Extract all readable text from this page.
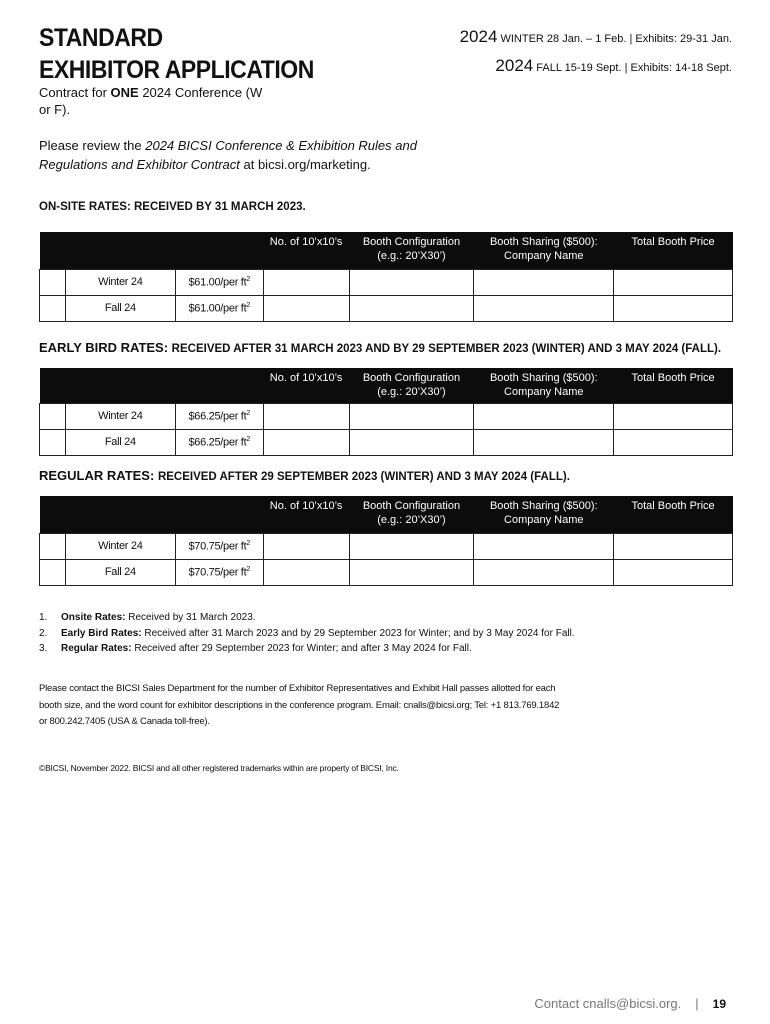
STANDARD
EXHIBITOR APPLICATION
Contract for ONE 2024 Conference (W or F).
2024 WINTER 28 Jan. – 1 Feb. | Exhibits: 29-31 Jan.
2024 FALL 15-19 Sept. | Exhibits: 14-18 Sept.
Please review the 2024 BICSI Conference & Exhibition Rules and Regulations and Exhibitor Contract at bicsi.org/marketing.
ON-SITE RATES: RECEIVED BY 31 MARCH 2023.
			No. of 10’x10’s	Booth Configuration (e.g.: 20’X30’)	Booth Sharing ($500): Company Name	Total Booth Price
	Winter 24	$61.00/per $ft^2$				
	Fall 24	$61.00/per $ft^2$				
EARLY BIRD RATES: RECEIVED AFTER 31 MARCH 2023 AND BY 29 SEPTEMBER 2023 (WINTER) AND 3 MAY 2024 (FALL).
			No. of 10’x10’s	Booth Configuration (e.g.: 20’X30’)	Booth Sharing ($500): Company Name	Total Booth Price
	Winter 24	$66.25/per $ft^2$				
	Fall 24	$66.25/per $ft^2$				
REGULAR RATES: RECEIVED AFTER 29 SEPTEMBER 2023 (WINTER) AND 3 MAY 2024 (FALL).
			No. of 10’x10’s	Booth Configuration (e.g.: 20’X30’)	Booth Sharing ($500): Company Name	Total Booth Price
	Winter 24	$70.75/per $ft^2$				
	Fall 24	$70.75/per $ft^2$				
1. Onsite Rates: Received by 31 March 2023.
2. Early Bird Rates: Received after 31 March 2023 and by 29 September 2023 for Winter; and by 3 May 2024 for Fall.
3. Regular Rates: Received after 29 September 2023 for Winter; and after 3 May 2024 for Fall.
Please contact the BICSI Sales Department for the number of Exhibitor Representatives and Exhibit Hall passes allotted for each booth size, and the word count for exhibitor descriptions in the conference program. Email: cnalls@bicsi.org; Tel: +1 813.769.1842 or 800.242.7405 (USA & Canada toll-free).
©BICSI, November 2022. BICSI and all other registered trademarks within are property of BICSI, Inc.
Contact cnalls@bicsi.org. | 19
